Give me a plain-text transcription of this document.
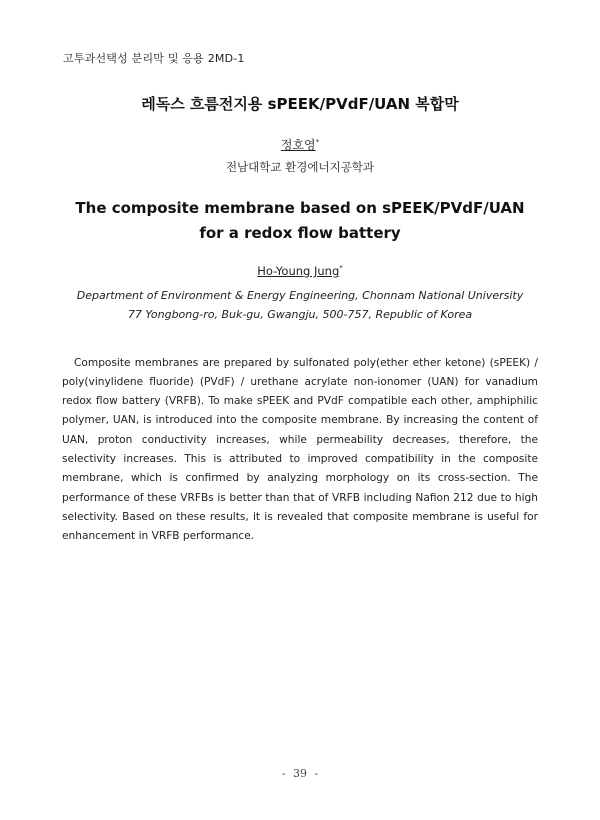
고투과선택성 분리막 및 응용 2MD-1
레독스 흐름전지용 sPEEK/PVdF/UAN 복합막
정호영*
전남대학교 환경에너지공학과
The composite membrane based on sPEEK/PVdF/UAN
for a redox flow battery
Ho-Young Jung*
Department of Environment & Energy Engineering, Chonnam National University
77 Yongbong-ro, Buk-gu, Gwangju, 500-757, Republic of Korea

Composite membranes are prepared by sulfonated poly(ether ether ketone) (sPEEK) / poly(vinylidene fluoride) (PVdF) / urethane acrylate non-ionomer (UAN) for vanadium redox flow battery (VRFB). To make sPEEK and PVdF compatible each other, amphiphilic polymer, UAN, is introduced into the composite membrane. By increasing the content of UAN, proton conductivity increases, while permeability decreases, therefore, the selectivity increases. This is attributed to improved compatibility in the composite membrane, which is confirmed by analyzing morphology on its cross-section. The performance of these VRFBs is better than that of VRFB including Nafion 212 due to high selectivity. Based on these results, it is revealed that composite membrane is useful for enhancement in VRFB performance.

- 39 -
